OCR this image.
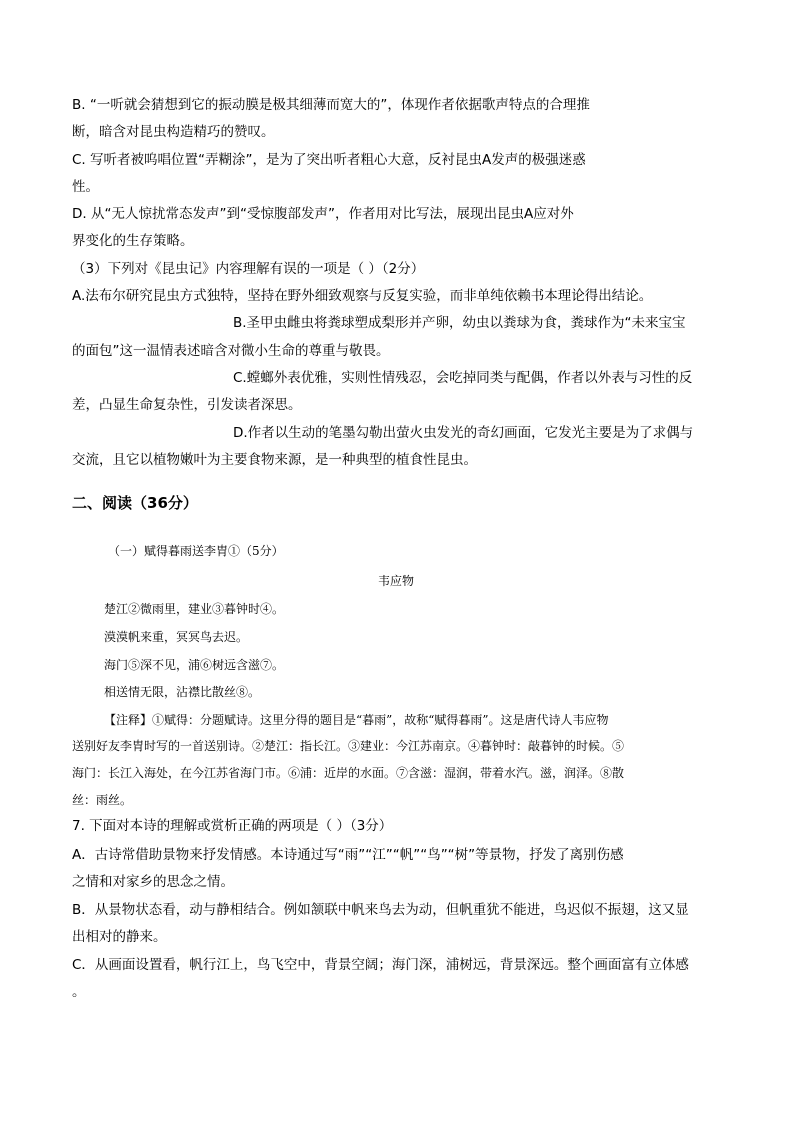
B. “一听就会猜想到它的振动膜是极其细薄而宽大的”，体现作者依据歌声特点的合理推
断，暗含对昆虫构造精巧的赞叹。
C. 写听者被呜唱位置“弄糊涂”，是为了突出听者粗心大意，反衬昆虫A发声的极强迷惑
性。
D. 从“无人惊扰常态发声”到“受惊腹部发声”，作者用对比写法，展现出昆虫A应对外
界变化的生存策略。
（3）下列对《昆虫记》内容理解有误的一项是（ ）（2分）
A.法布尔研究昆虫方式独特，坚持在野外细致观察与反复实验，而非单纯依赖书本理论得出结论。
B.圣甲虫雌虫将粪球塑成梨形并产卵，幼虫以粪球为食，粪球作为“未来宝宝
的面包”这一温情表述暗含对微小生命的尊重与敬畏。
C.螳螂外表优雅，实则性情残忍，会吃掉同类与配偶，作者以外表与习性的反
差，凸显生命复杂性，引发读者深思。
D.作者以生动的笔墨勾勒出萤火虫发光的奇幻画面，它发光主要是为了求偶与
交流，且它以植物嫩叶为主要食物来源，是一种典型的植食性昆虫。
二、阅读（36分）
（一）赋得暮雨送李胄①（5分）
韦应物
楚江②微雨里，建业③暮钟时④。
漠漠帆来重，冥冥鸟去迟。
海门⑤深不见，浦⑥树远含滋⑦。
相送情无限，沾襟比散丝⑧。
【注释】①赋得：分题赋诗。这里分得的题目是“暮雨”，故称“赋得暮雨”。这是唐代诗人韦应物
送别好友李胄时写的一首送别诗。②楚江：指长江。③建业：今江苏南京。④暮钟时：敲暮钟的时候。⑤
海门：长江入海处，在今江苏省海门市。⑥浦：近岸的水面。⑦含滋：湿润，带着水汽。滋，润泽。⑧散
丝：雨丝。
7. 下面对本诗的理解或赏析正确的两项是（ ）（3分）
A．古诗常借助景物来抒发情感。本诗通过写“雨”“江”“帆”“鸟”“树”等景物，抒发了离别伤感
之情和对家乡的思念之情。
B．从景物状态看，动与静相结合。例如颔联中帆来鸟去为动，但帆重犹不能进，鸟迟似不振翅，这又显
出相对的静来。
C．从画面设置看，帆行江上，鸟飞空中，背景空阔；海门深，浦树远，背景深远。整个画面富有立体感
。
